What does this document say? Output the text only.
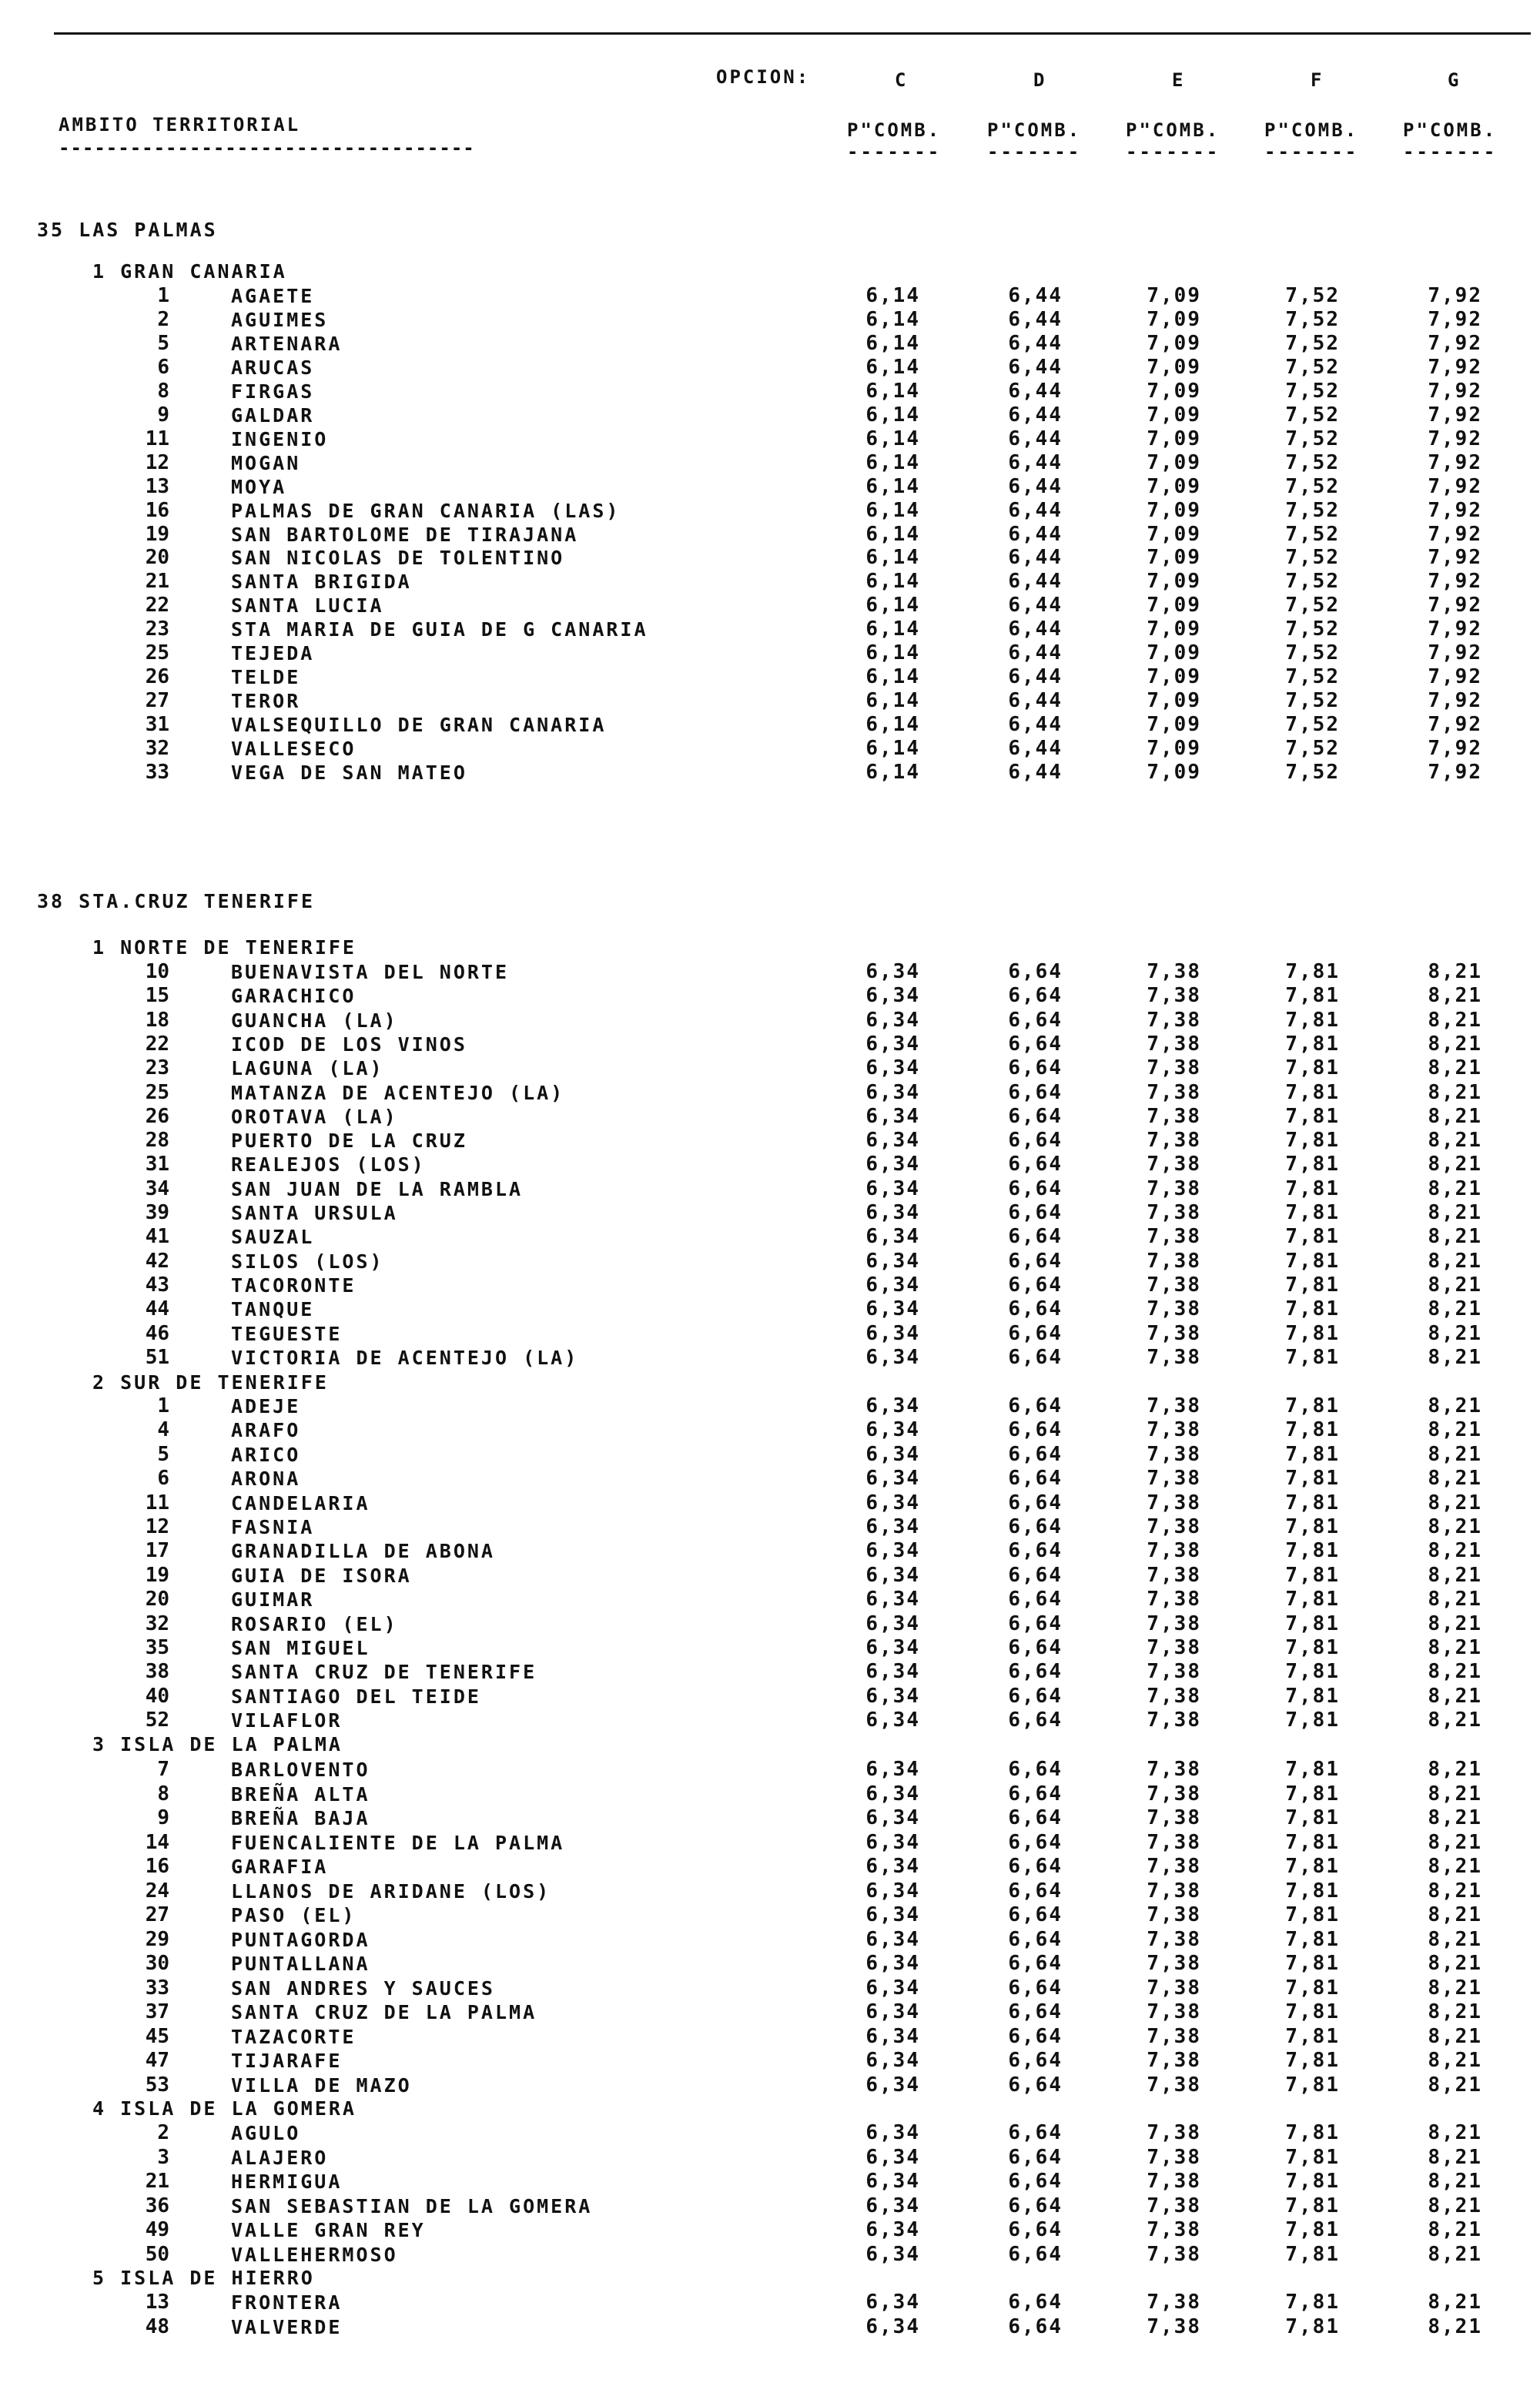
OPCION:	C	D	E	F	G
AMBITO TERRITORIAL
-----------------------------------
P"COMB. P"COMB. P"COMB. P"COMB. P"COMB.
------- ------- ------- ------- -------
35 LAS PALMAS
1 GRAN CANARIA
1	AGAETE	6,14	6,44	7,09	7,52	7,92
2	AGUIMES	6,14	6,44	7,09	7,52	7,92
5	ARTENARA	6,14	6,44	7,09	7,52	7,92
6	ARUCAS	6,14	6,44	7,09	7,52	7,92
8	FIRGAS	6,14	6,44	7,09	7,52	7,92
9	GALDAR	6,14	6,44	7,09	7,52	7,92
11	INGENIO	6,14	6,44	7,09	7,52	7,92
12	MOGAN	6,14	6,44	7,09	7,52	7,92
13	MOYA	6,14	6,44	7,09	7,52	7,92
16	PALMAS DE GRAN CANARIA (LAS)	6,14	6,44	7,09	7,52	7,92
19	SAN BARTOLOME DE TIRAJANA	6,14	6,44	7,09	7,52	7,92
20	SAN NICOLAS DE TOLENTINO	6,14	6,44	7,09	7,52	7,92
21	SANTA BRIGIDA	6,14	6,44	7,09	7,52	7,92
22	SANTA LUCIA	6,14	6,44	7,09	7,52	7,92
23	STA MARIA DE GUIA DE G CANARIA	6,14	6,44	7,09	7,52	7,92
25	TEJEDA	6,14	6,44	7,09	7,52	7,92
26	TELDE	6,14	6,44	7,09	7,52	7,92
27	TEROR	6,14	6,44	7,09	7,52	7,92
31	VALSEQUILLO DE GRAN CANARIA	6,14	6,44	7,09	7,52	7,92
32	VALLESECO	6,14	6,44	7,09	7,52	7,92
33	VEGA DE SAN MATEO	6,14	6,44	7,09	7,52	7,92
38 STA.CRUZ TENERIFE
1 NORTE DE TENERIFE
10	BUENAVISTA DEL NORTE	6,34	6,64	7,38	7,81	8,21
15	GARACHICO	6,34	6,64	7,38	7,81	8,21
18	GUANCHA (LA)	6,34	6,64	7,38	7,81	8,21
22	ICOD DE LOS VINOS	6,34	6,64	7,38	7,81	8,21
23	LAGUNA (LA)	6,34	6,64	7,38	7,81	8,21
25	MATANZA DE ACENTEJO (LA)	6,34	6,64	7,38	7,81	8,21
26	OROTAVA (LA)	6,34	6,64	7,38	7,81	8,21
28	PUERTO DE LA CRUZ	6,34	6,64	7,38	7,81	8,21
31	REALEJOS (LOS)	6,34	6,64	7,38	7,81	8,21
34	SAN JUAN DE LA RAMBLA	6,34	6,64	7,38	7,81	8,21
39	SANTA URSULA	6,34	6,64	7,38	7,81	8,21
41	SAUZAL	6,34	6,64	7,38	7,81	8,21
42	SILOS (LOS)	6,34	6,64	7,38	7,81	8,21
43	TACORONTE	6,34	6,64	7,38	7,81	8,21
44	TANQUE	6,34	6,64	7,38	7,81	8,21
46	TEGUESTE	6,34	6,64	7,38	7,81	8,21
51	VICTORIA DE ACENTEJO (LA)	6,34	6,64	7,38	7,81	8,21
2 SUR DE TENERIFE
1	ADEJE	6,34	6,64	7,38	7,81	8,21
4	ARAFO	6,34	6,64	7,38	7,81	8,21
5	ARICO	6,34	6,64	7,38	7,81	8,21
6	ARONA	6,34	6,64	7,38	7,81	8,21
11	CANDELARIA	6,34	6,64	7,38	7,81	8,21
12	FASNIA	6,34	6,64	7,38	7,81	8,21
17	GRANADILLA DE ABONA	6,34	6,64	7,38	7,81	8,21
19	GUIA DE ISORA	6,34	6,64	7,38	7,81	8,21
20	GUIMAR	6,34	6,64	7,38	7,81	8,21
32	ROSARIO (EL)	6,34	6,64	7,38	7,81	8,21
35	SAN MIGUEL	6,34	6,64	7,38	7,81	8,21
38	SANTA CRUZ DE TENERIFE	6,34	6,64	7,38	7,81	8,21
40	SANTIAGO DEL TEIDE	6,34	6,64	7,38	7,81	8,21
52	VILAFLOR	6,34	6,64	7,38	7,81	8,21
3 ISLA DE LA PALMA
7	BARLOVENTO	6,34	6,64	7,38	7,81	8,21
8	BREÑA ALTA	6,34	6,64	7,38	7,81	8,21
9	BREÑA BAJA	6,34	6,64	7,38	7,81	8,21
14	FUENCALIENTE DE LA PALMA	6,34	6,64	7,38	7,81	8,21
16	GARAFIA	6,34	6,64	7,38	7,81	8,21
24	LLANOS DE ARIDANE (LOS)	6,34	6,64	7,38	7,81	8,21
27	PASO (EL)	6,34	6,64	7,38	7,81	8,21
29	PUNTAGORDA	6,34	6,64	7,38	7,81	8,21
30	PUNTALLANA	6,34	6,64	7,38	7,81	8,21
33	SAN ANDRES Y SAUCES	6,34	6,64	7,38	7,81	8,21
37	SANTA CRUZ DE LA PALMA	6,34	6,64	7,38	7,81	8,21
45	TAZACORTE	6,34	6,64	7,38	7,81	8,21
47	TIJARAFE	6,34	6,64	7,38	7,81	8,21
53	VILLA DE MAZO	6,34	6,64	7,38	7,81	8,21
4 ISLA DE LA GOMERA
2	AGULO	6,34	6,64	7,38	7,81	8,21
3	ALAJERO	6,34	6,64	7,38	7,81	8,21
21	HERMIGUA	6,34	6,64	7,38	7,81	8,21
36	SAN SEBASTIAN DE LA GOMERA	6,34	6,64	7,38	7,81	8,21
49	VALLE GRAN REY	6,34	6,64	7,38	7,81	8,21
50	VALLEHERMOSO	6,34	6,64	7,38	7,81	8,21
5 ISLA DE HIERRO
13	FRONTERA	6,34	6,64	7,38	7,81	8,21
48	VALVERDE	6,34	6,64	7,38	7,81	8,21
